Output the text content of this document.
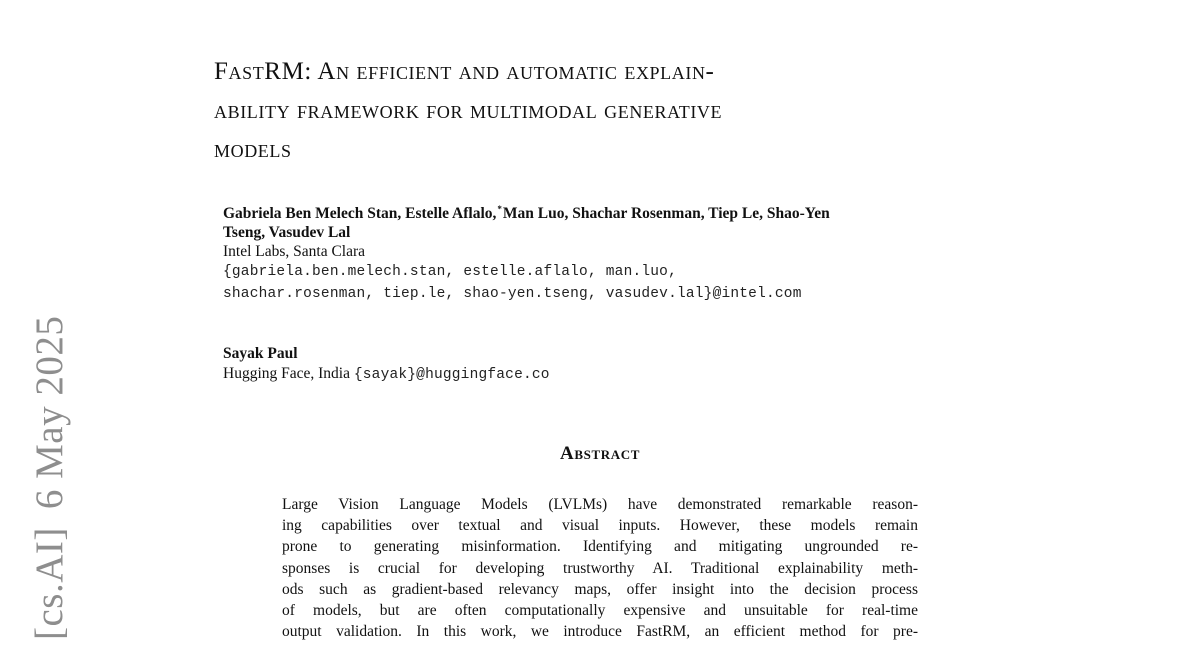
[cs.AI]6 May 2025
FastRM: An efficient and automatic explain-
ability framework for multimodal generative
models
Gabriela Ben Melech Stan, Estelle Aflalo,*Man Luo, Shachar Rosenman, Tiep Le, Shao-Yen
Tseng, Vasudev Lal
Intel Labs, Santa Clara
{gabriela.ben.melech.stan, estelle.aflalo, man.luo,
shachar.rosenman, tiep.le, shao-yen.tseng, vasudev.lal}@intel.com
Sayak Paul
Hugging Face, India {sayak}@huggingface.co
Abstract
Large Vision Language Models (LVLMs) have demonstrated remarkable reason-
ing capabilities over textual and visual inputs. However, these models remain
prone to generating misinformation. Identifying and mitigating ungrounded re-
sponses is crucial for developing trustworthy AI. Traditional explainability meth-
ods such as gradient-based relevancy maps, offer insight into the decision process
of models, but are often computationally expensive and unsuitable for real-time
output validation. In this work, we introduce FastRM, an efficient method for pre-
